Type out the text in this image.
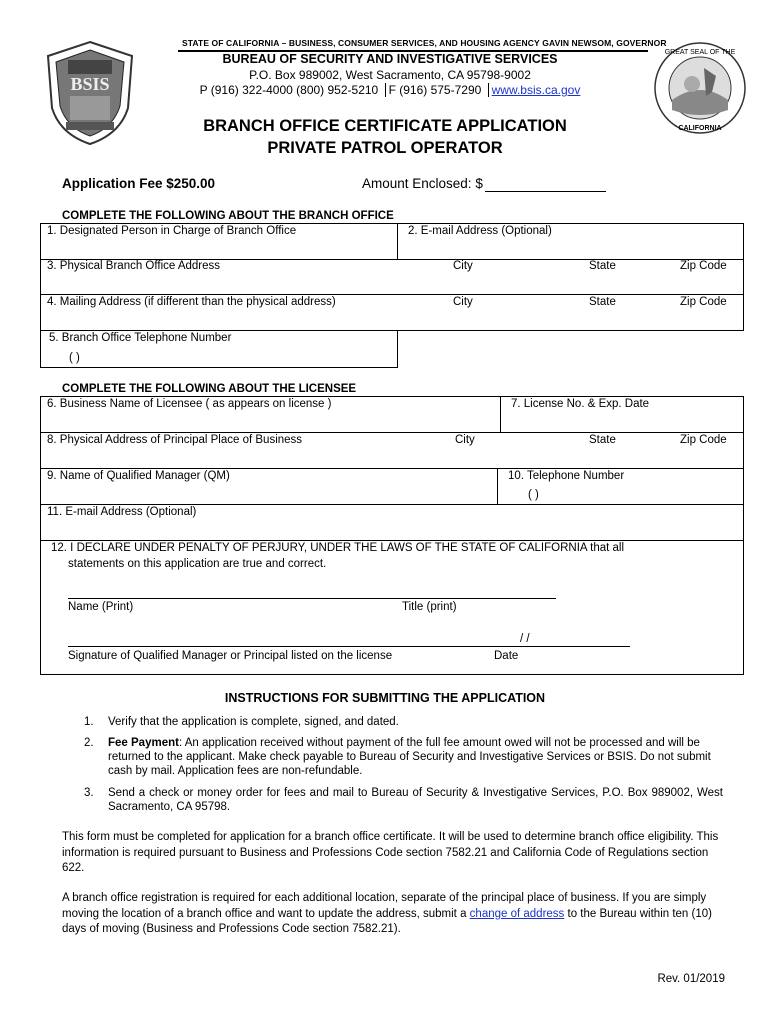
BSIS
GREAT SEAL OF THE
CALIFORNIA
STATE OF CALIFORNIA – BUSINESS, CONSUMER SERVICES, AND HOUSING AGENCY GAVIN NEWSOM, GOVERNOR
BUREAU OF SECURITY AND INVESTIGATIVE SERVICES
P.O. Box 989002, West Sacramento, CA 95798-9002
P (916) 322-4000 (800) 952-5210 F (916) 575-7290 www.bsis.ca.gov
BRANCH OFFICE CERTIFICATE APPLICATION
PRIVATE PATROL OPERATOR
Application Fee $250.00	Amount Enclosed: $
COMPLETE THE FOLLOWING ABOUT THE BRANCH OFFICE
1. Designated Person in Charge of Branch Office	2. E-mail Address (Optional)
3. Physical Branch Office Address	City	State	Zip Code
4. Mailing Address (if different than the physical address)	City	State	Zip Code
5. Branch Office Telephone Number
( )
COMPLETE THE FOLLOWING ABOUT THE LICENSEE
6. Business Name of Licensee ( as appears on license )	7. License No. & Exp. Date
8. Physical Address of Principal Place of Business	City	State	Zip Code
9. Name of Qualified Manager (QM)	10. Telephone Number
( )
11. E-mail Address (Optional)
12. I DECLARE UNDER PENALTY OF PERJURY, UNDER THE LAWS OF THE STATE OF CALIFORNIA that all
statements on this application are true and correct.
Name (Print)	Title (print)
/ /
Signature of Qualified Manager or Principal listed on the license	Date
INSTRUCTIONS FOR SUBMITTING THE APPLICATION
1. Verify that the application is complete, signed, and dated.
2. Fee Payment: An application received without payment of the full fee amount owed will not be processed and will be returned to the applicant. Make check payable to Bureau of Security and Investigative Services or BSIS. Do not submit cash by mail. Application fees are non-refundable.
3. Send a check or money order for fees and mail to Bureau of Security & Investigative Services, P.O. Box 989002, West Sacramento, CA 95798.
This form must be completed for application for a branch office certificate. It will be used to determine branch office eligibility. This information is required pursuant to Business and Professions Code section 7582.21 and California Code of Regulations section 622.
A branch office registration is required for each additional location, separate of the principal place of business. If you are simply moving the location of a branch office and want to update the address, submit a change of address to the Bureau within ten (10) days of moving (Business and Professions Code section 7582.21).
Rev. 01/2019
